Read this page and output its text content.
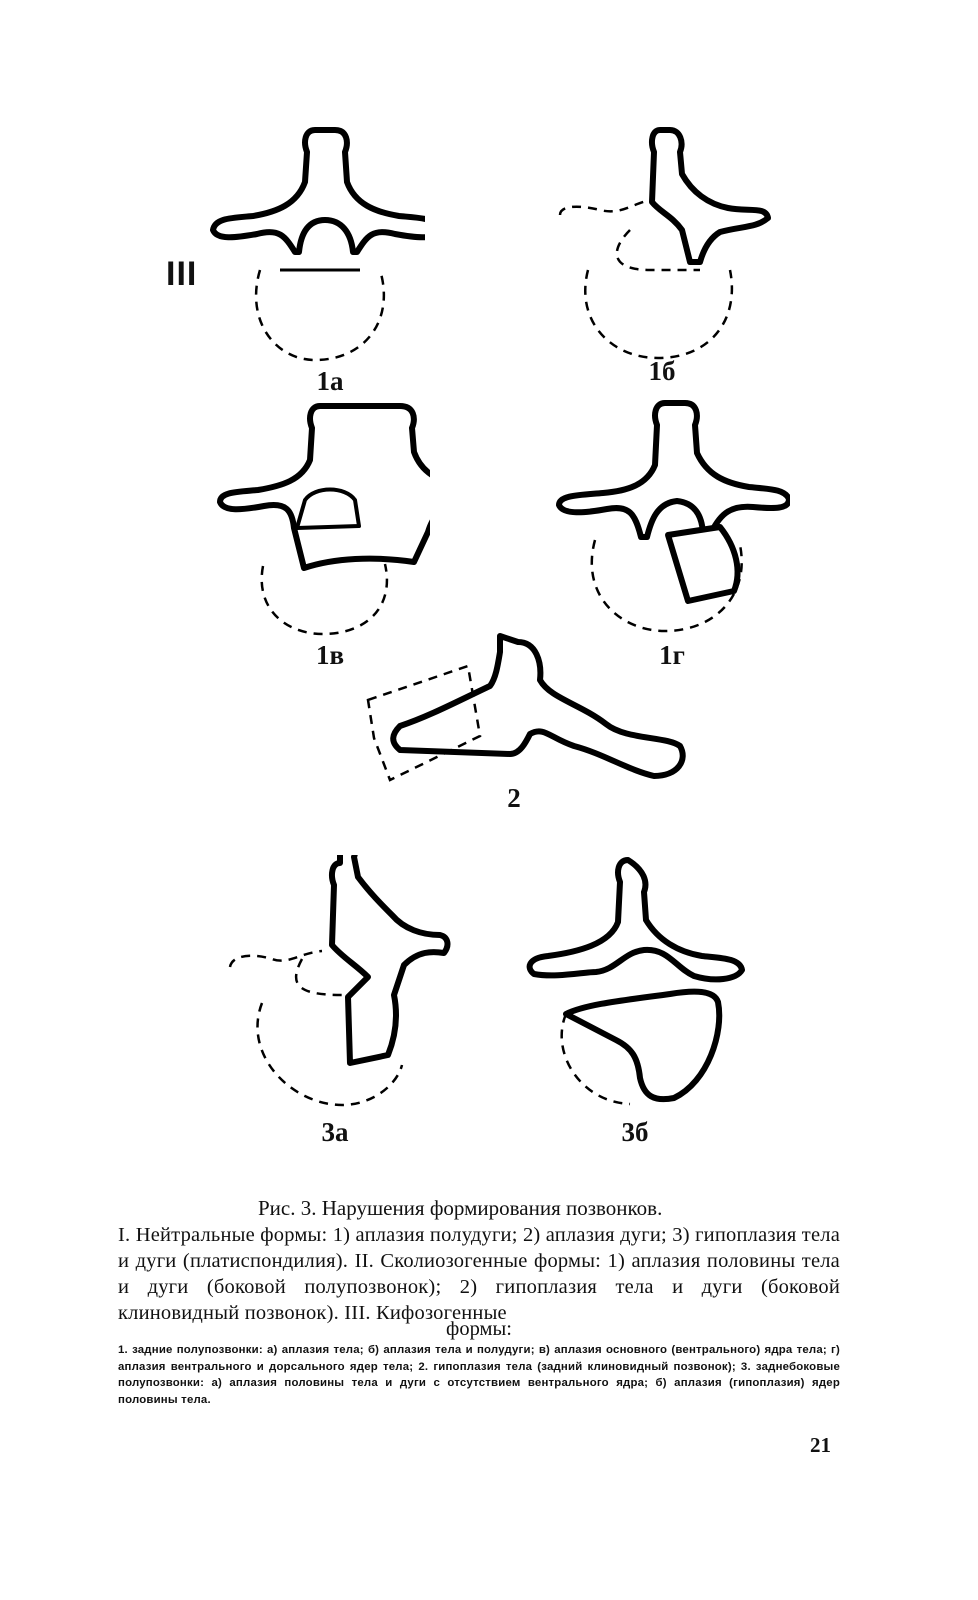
III
1а	1б
1в	1г
2
3а	3б
Рис. 3. Нарушения формирования позвонков.
I. Нейтральные формы: 1) аплазия полудуги; 2) аплазия дуги; 3) гипоплазия тела и дуги (платиспондилия). II. Сколиозогенные формы: 1) аплазия половины тела и дуги (боковой полупозвонок); 2) гипоплазия тела и дуги (боковой клиновидный позвонок). III. Кифозогенные
формы:
1. задние полупозвонки: а) аплазия тела; б) аплазия тела и полудуги; в) аплазия основного (вентрального) ядра тела; г) аплазия вентрального и дорсального ядер тела; 2. гипоплазия тела (задний клиновидный позвонок); 3. заднебоковые полупозвонки: а) аплазия половины тела и дуги с отсутствием вентрального ядра; б) аплазия (гипоплазия) ядер половины тела.
21
